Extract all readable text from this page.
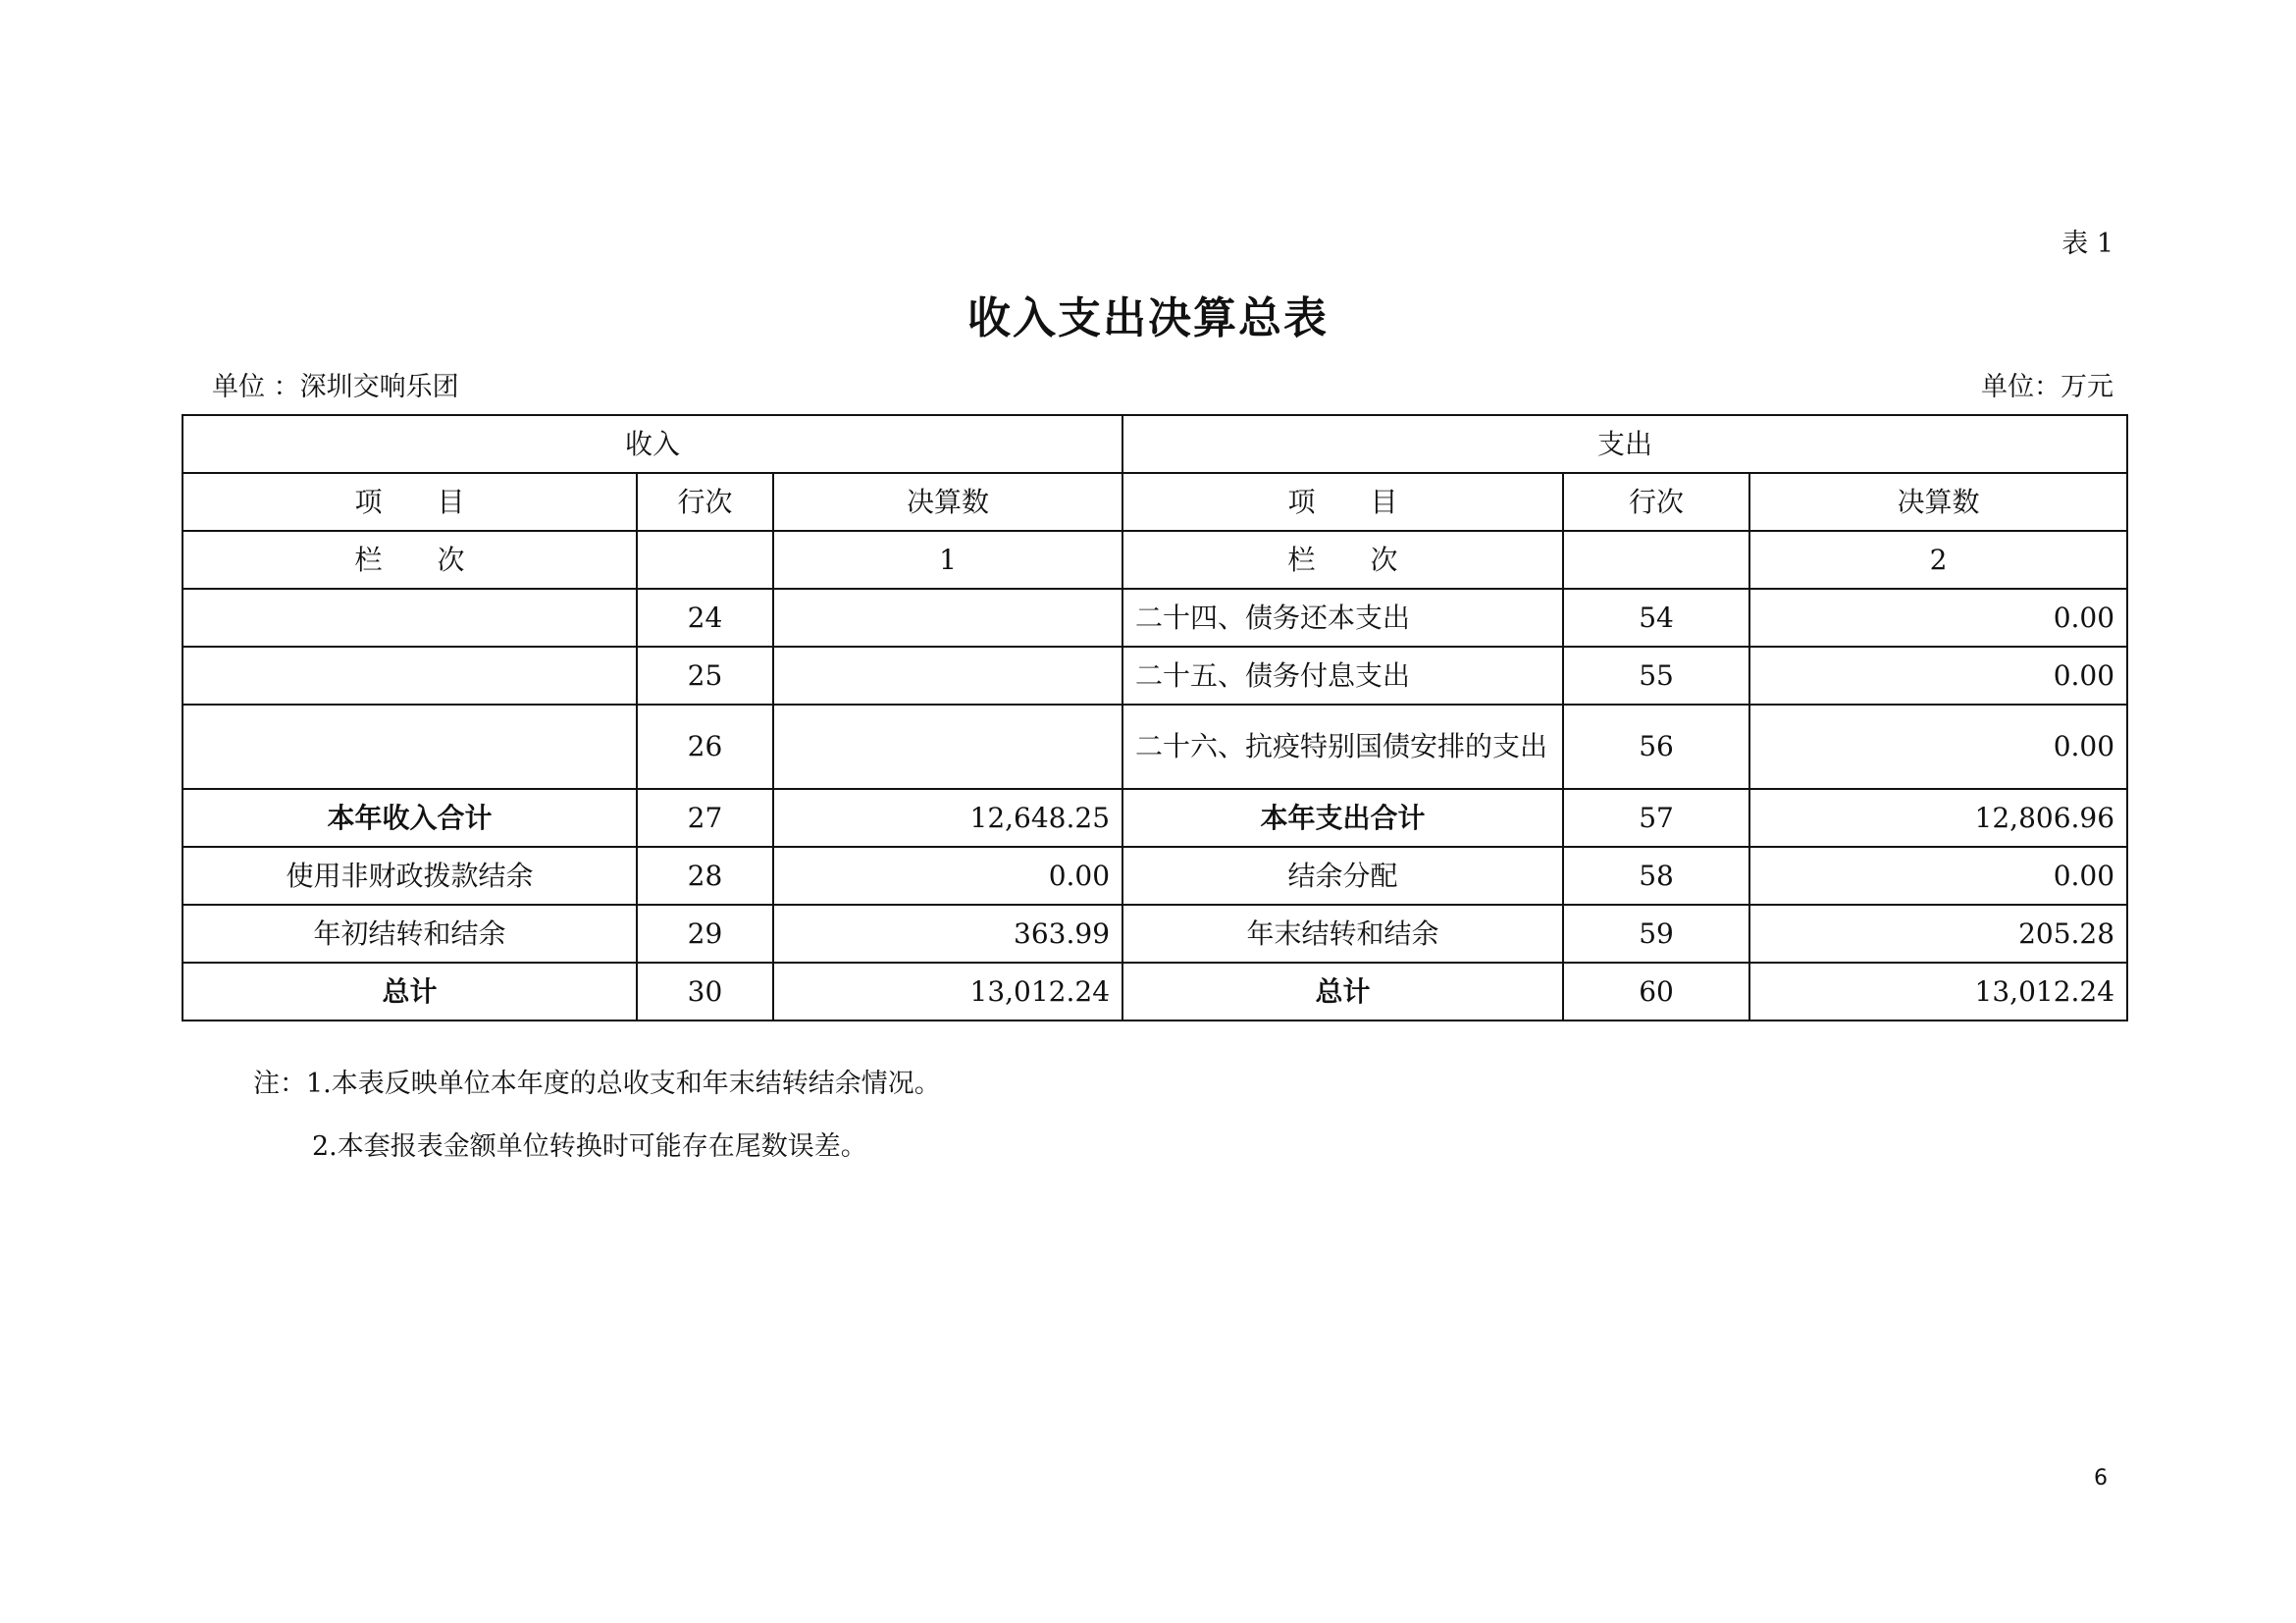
表 1
收入支出决算总表
单位 ：深圳交响乐团	单位：万元
收入			支出		
项　　目	行次	决算数	项　　目	行次	决算数
栏　　次		1	栏　　次		2
	24		二十四、债务还本支出	54	0.00
	25		二十五、债务付息支出	55	0.00
	26		二十六、抗疫特别国债安排的支出	56	0.00
本年收入合计	27	12,648.25	本年支出合计	57	12,806.96
使用非财政拨款结余	28	0.00	结余分配	58	0.00
年初结转和结余	29	363.99	年末结转和结余	59	205.28
总计	30	13,012.24	总计	60	13,012.24
注：1.本表反映单位本年度的总收支和年末结转结余情况。
2.本套报表金额单位转换时可能存在尾数误差。
6
